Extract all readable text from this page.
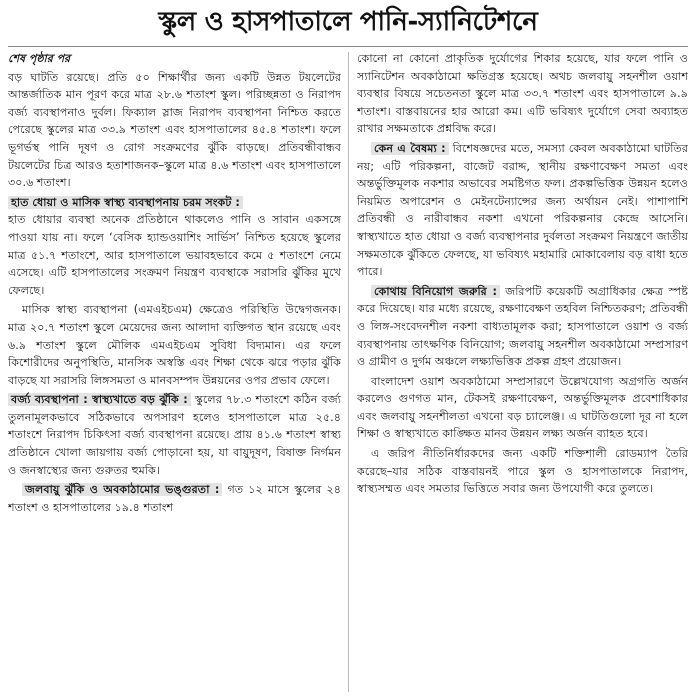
স্কুল ও হাসপাতালে পানি-স্যানিটেশনে
শেষ পৃষ্ঠার পর

বড় ঘাটতি রয়েছে। প্রতি ৫০ শিক্ষার্থীর জন্য একটি উন্নত টয়লেটের আন্তর্জাতিক মান পূরণ করে মাত্র ২৮.৬ শতাংশ স্কুল। পরিচ্ছন্নতা ও নিরাপদ বর্জ্য ব্যবস্থাপনাও দুর্বল। ফিক্যাল স্লাজ নিরাপদ ব্যবস্থাপনা নিশ্চিত করতে পেরেছে স্কুলের মাত্র ৩৩.৯ শতাংশ এবং হাসপাতালের ৪৫.৪ শতাংশ। ফলে ভূগর্ভস্থ পানি দূষণ ও রোগ সংক্রমণের ঝুঁকি বাড়ছে। প্রতিবন্ধীবান্ধব টয়লেটের চিত্র আরও হতাশাজনক–স্কুলে মাত্র ৪.৬ শতাংশ এবং হাসপাতালে ৩০.৬ শতাংশ।

হাত ধোয়া ও মাসিক স্বাস্থ্য ব্যবস্থাপনায় চরম সংকট :
হাত ধোয়ার ব্যবস্থা অনেক প্রতিষ্ঠানে থাকলেও পানি ও সাবান একসঙ্গে পাওয়া যায় না। ফলে ‘বেসিক হ্যান্ডওয়াশিং সার্ভিস’ নিশ্চিত হয়েছে স্কুলের মাত্র ৫১.৭ শতাংশে, আর হাসপাতালে ভয়াবহভাবে কমে ৫ শতাংশে নেমে এসেছে। এটি হাসপাতালের সংক্রমণ নিয়ন্ত্রণ ব্যবস্থাকে সরাসরি ঝুঁকির মুখে ফেলছে।

মাসিক স্বাস্থ্য ব্যবস্থাপনা (এমএইচএম) ক্ষেত্রেও পরিস্থিতি উদ্বেগজনক। মাত্র ২০.৭ শতাংশ স্কুলে মেয়েদের জন্য আলাদা ব্যক্তিগত স্থান রয়েছে এবং ৬.৯ শতাংশ স্কুলে মৌলিক এমএইচএম সুবিধা বিদ্যমান। এর ফলে কিশোরীদের অনুপস্থিতি, মানসিক অস্বস্তি এবং শিক্ষা থেকে ঝরে পড়ার ঝুঁকি বাড়ছে যা সরাসরি লিঙ্গসমতা ও মানবসম্পদ উন্নয়নের ওপর প্রভাব ফেলে।

বর্জ্য ব্যবস্থাপনা : স্বাস্থ্যখাতে বড় ঝুঁকি : স্কুলের ৭৮.৩ শতাংশে কঠিন বর্জ্য তুলনামূলকভাবে সঠিকভাবে অপসারণ হলেও হাসপাতালে মাত্র ২৫.৪ শতাংশে নিরাপদ চিকিৎসা বর্জ্য ব্যবস্থাপনা রয়েছে। প্রায় ৪১.৬ শতাংশ স্বাস্থ্য প্রতিষ্ঠানে খোলা জায়গায় বর্জ্য পোড়ানো হয়, যা বায়ুদূষণ, বিষাক্ত নির্গমন ও জনস্বাস্থ্যের জন্য গুরুতর হুমকি।

জলবায়ু ঝুঁকি ও অবকাঠামোর ভঙ্গুরতা : গত ১২ মাসে স্কুলের ২৪ শতাংশ ও হাসপাতালের ১৯.৪ শতাংশ

কোনো না কোনো প্রাকৃতিক দুর্যোগের শিকার হয়েছে, যার ফলে পানি ও স্যানিটেশন অবকাঠামো ক্ষতিগ্রস্ত হয়েছে। অথচ জলবায়ু সহনশীল ওয়াশ ব্যবস্থার বিষয়ে সচেতনতা স্কুলে মাত্র ৩৩.৭ শতাংশ এবং হাসপাতালে ৯.৯ শতাংশ। বাস্তবায়নের হার আরো কম। এটি ভবিষ্যৎ দুর্যোগে সেবা অব্যাহত রাখার সক্ষমতাকে প্রশ্নবিদ্ধ করে।

কেন এ বৈষম্য : বিশেষজ্ঞদের মতে, সমস্যা কেবল অবকাঠামো ঘাটতির নয়; এটি পরিকল্পনা, বাজেট বরাদ্দ, স্থানীয় রক্ষণাবেক্ষণ সমতা এবং অন্তর্ভুক্তিমূলক নকশার অভাবের সমষ্টিগত ফল। প্রকল্পভিত্তিক উন্নয়ন হলেও নিয়মিত অপারেশন ও মেইনটেন্যান্সের জন্য অর্থায়ন নেই। পাশাপাশি প্রতিবন্ধী ও নারীবান্ধব নকশা এখনো পরিকল্পনার কেন্দ্রে আসেনি। স্বাস্থ্যখাতে হাত ধোয়া ও বর্জ্য ব্যবস্থাপনার দুর্বলতা সংক্রমণ নিয়ন্ত্রণে জাতীয় সক্ষমতাকে ঝুঁকিতে ফেলছে, যা ভবিষ্যৎ মহামারি মোকাবেলায় বড় বাধা হতে পারে।

কোথায় বিনিয়োগ জরুরি : জরিপটি কয়েকটি অগ্রাধিকার ক্ষেত্র স্পষ্ট করে দিয়েছে। যার মধ্যে রয়েছে, রক্ষণাবেক্ষণ তহবিল নিশ্চিতকরণ; প্রতিবন্ধী ও লিঙ্গ-সংবেদনশীল নকশা বাধ্যতামূলক করা; হাসপাতালে ওয়াশ ও বর্জ্য ব্যবস্থাপনায় তাৎক্ষণিক বিনিয়োগ; জলবায়ু সহনশীল অবকাঠামো সম্প্রসারণ ও গ্রামীণ ও দুর্গম অঞ্চলে লক্ষ্যভিত্তিক প্রকল্প গ্রহণ প্রয়োজন।

বাংলাদেশ ওয়াশ অবকাঠামো সম্প্রসারণে উল্লেখযোগ্য অগ্রগতি অর্জন করলেও গুণগত মান, টেকসই রক্ষণাবেক্ষণ, অন্তর্ভুক্তিমূলক প্রবেশাধিকার এবং জলবায়ু সহনশীলতা এখনো বড় চ্যালেঞ্জ। এ ঘাটতিগুলো দূর না হলে শিক্ষা ও স্বাস্থ্যখাতে কাঙ্ক্ষিত মানব উন্নয়ন লক্ষ্য অর্জন ব্যাহত হবে।

এ জরিপ নীতিনির্ধারকদের জন্য একটি শক্তিশালী রোডম্যাপ তৈরি করেছে–যার সঠিক বাস্তবায়নই পারে স্কুল ও হাসপাতালকে নিরাপদ, স্বাস্থ্যসম্মত এবং সমতার ভিত্তিতে সবার জন্য উপযোগী করে তুলতে।
